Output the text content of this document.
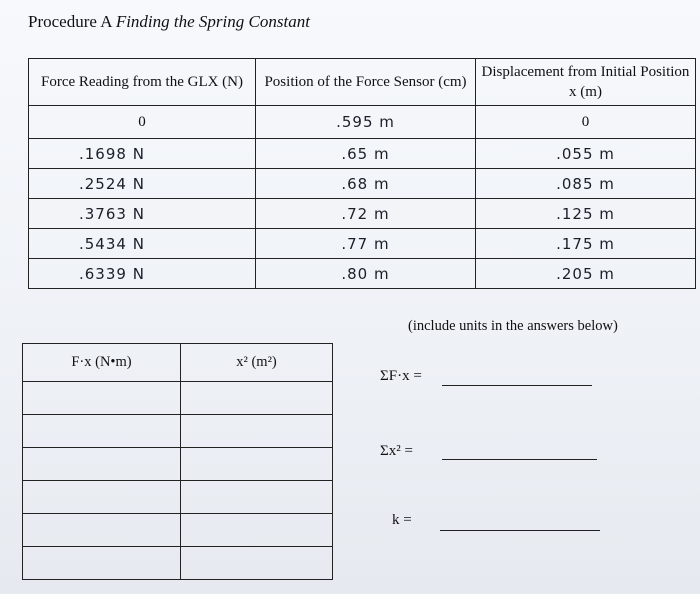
Procedure A Finding the Spring Constant
Force Reading from the GLX (N)	Position of the Force Sensor (cm)	Displacement from Initial Position x (m)
0	.595 m	0
.1698 N	.65 m	.055 m
.2524 N	.68 m	.085 m
.3763 N	.72 m	.125 m
.5434 N	.77 m	.175 m
.6339 N	.80 m	.205 m
(include units in the answers below)
F·x (N•m)	x² (m²)

ΣF·x =
Σx² =
k =
